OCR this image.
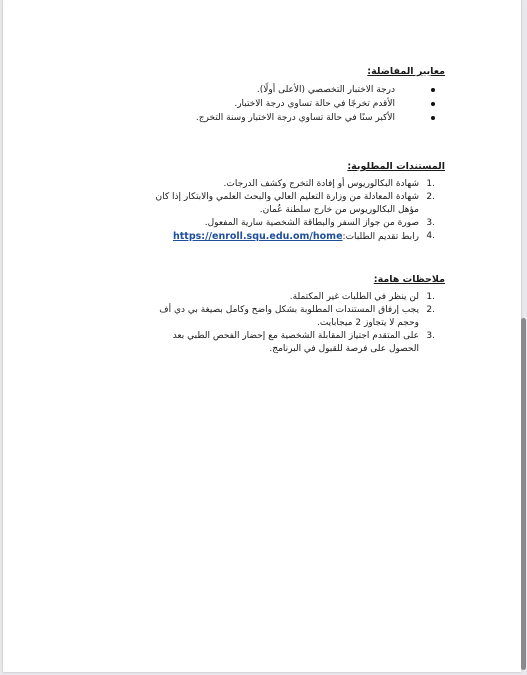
معايير المفاضلة:
درجة الاختبار التخصصي (الأعلى أولًا).
الأقدم تخرجًا في حالة تساوي درجة الاختبار.
الأكبر سنًا في حالة تساوي درجة الاختبار وسنة التخرج.
المستندات المطلوبة:
1.
شهادة البكالوريوس أو إفادة التخرج وكشف الدرجات.
2.
شهادة المعادلة من وزارة التعليم العالي والبحث العلمي والابتكار إذا كان مؤهل البكالوريوس من خارج سلطنة عُمان.
3.
صورة من جواز السفر والبطاقة الشخصية سارية المفعول.
4.
رابط تقديم الطلبات:https://enroll.squ.edu.om/home
ملاحظات هامة:
1.
لن ينظر في الطلبات غير المكتملة.
2.
يجب إرفاق المستندات المطلوبة بشكل واضح وكامل بصيغة بي دي أف وحجم لا يتجاوز 2 ميجابايت.
3.
على المتقدم اجتياز المقابلة الشخصية مع إحضار الفحص الطبي بعد الحصول على فرصة للقبول في البرنامج.
